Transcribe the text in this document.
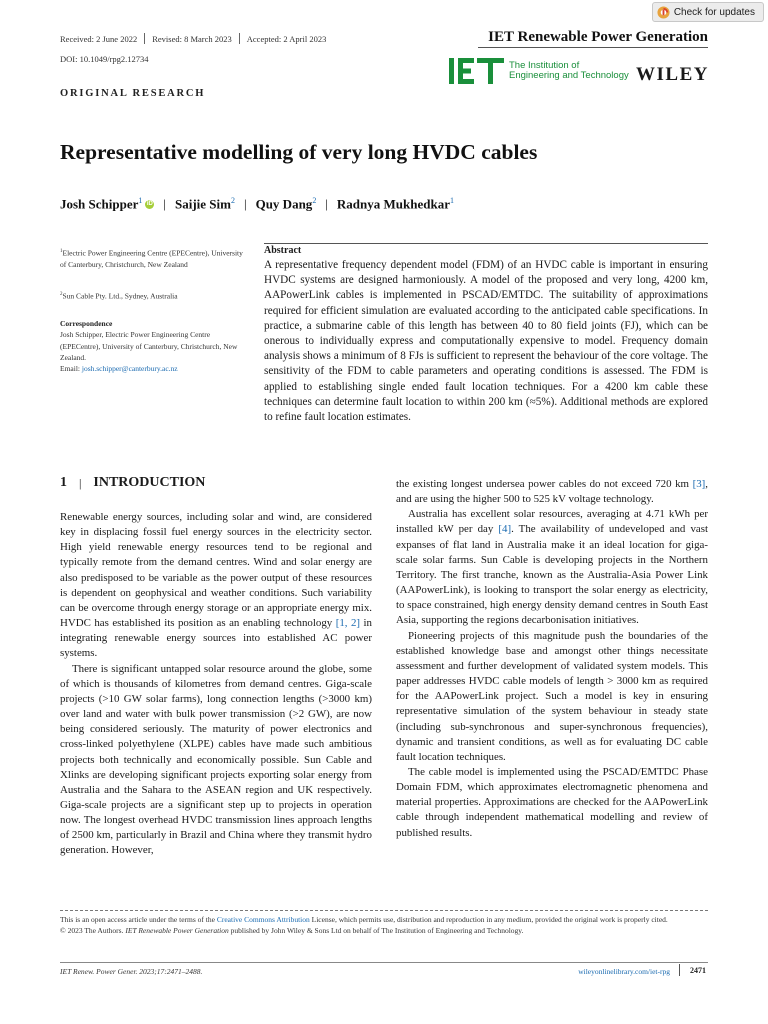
Check for updates
Received: 2 June 2022 Revised: 8 March 2023 Accepted: 2 April 2023	IET Renewable Power Generation
DOI: 10.1049/rpg2.12734
The Institution of
Engineering and Technology WILEY
ORIGINAL RESEARCH
Representative modelling of very long HVDC cables
Josh Schipper$^1$ iD | Saijie Sim$^2$ | Quy Dang$^2$ | Radnya Mukhedkar$^1$
$^1$Electric Power Engineering Centre (EPECentre), University of Canterbury, Christchurch, New Zealand
$^2$Sun Cable Pty. Ltd., Sydney, Australia
Correspondence
Josh Schipper, Electric Power Engineering Centre (EPECentre), University of Canterbury, Christchurch, New Zealand.
Email: josh.schipper@canterbury.ac.nz
Abstract
A representative frequency dependent model (FDM) of an HVDC cable is important in ensuring HVDC systems are designed harmoniously. A model of the proposed and very long, 4200 km, AAPowerLink cables is implemented in PSCAD/EMTDC. The suitability of approximations required for efficient simulation are evaluated according to the anticipated cable specifications. In practice, a submarine cable of this length has between 40 to 80 field joints (FJ), which can be onerous to individually express and computationally expensive to model. Frequency domain analysis shows a minimum of 8 FJs is sufficient to represent the behaviour of the core voltage. The sensitivity of the FDM to cable parameters and operating conditions is assessed. The FDM is applied to establishing single ended fault location techniques. For a 4200 km cable these techniques can determine fault location to within 200 km (≈5%). Additional methods are explored to refine fault location estimates.
1 | INTRODUCTION

Renewable energy sources, including solar and wind, are considered key in displacing fossil fuel energy sources in the electricity sector. High yield renewable energy resources tend to be regional and typically remote from the demand centres. Wind and solar energy are also predisposed to be variable as the power output of these resources is dependent on geophysical and weather conditions. Such variability can be overcome through energy storage or an appropriate energy mix. HVDC has established its position as an enabling technology [1, 2] in integrating renewable energy sources into established AC power systems.

There is significant untapped solar resource around the globe, some of which is thousands of kilometres from demand centres. Giga-scale projects (>10 GW solar farms), long connection lengths (>3000 km) over land and water with bulk power transmission (>2 GW), are now being considered seriously. The maturity of power electronics and cross-linked polyethylene (XLPE) cables have made such ambitious projects both technically and economically possible. Sun Cable and Xlinks are developing significant projects exporting solar energy from Australia and the Sahara to the ASEAN region and UK respectively. Giga-scale projects are a significant step up to projects in operation now. The longest overhead HVDC transmission lines approach lengths of 2500 km, particularly in Brazil and China where they transmit hydro generation. However,

the existing longest undersea power cables do not exceed 720 km [3], and are using the higher 500 to 525 kV voltage technology.

Australia has excellent solar resources, averaging at 4.71 kWh per installed kW per day [4]. The availability of undeveloped and vast expanses of flat land in Australia make it an ideal location for giga-scale solar farms. Sun Cable is developing projects in the Northern Territory. The first tranche, known as the Australia-Asia Power Link (AAPowerLink), is looking to transport the solar energy as electricity, to space constrained, high energy density demand centres in South East Asia, supporting the regions decarbonisation initiatives.

Pioneering projects of this magnitude push the boundaries of the established knowledge base and amongst other things necessitate assessment and further development of validated system models. This paper addresses HVDC cable models of length > 3000 km as required for the AAPowerLink project. Such a model is key in ensuring representative simulation of the system behaviour in steady state (including sub-synchronous and super-synchronous frequencies), dynamic and transient conditions, as well as for evaluating DC cable fault location techniques.

The cable model is implemented using the PSCAD/EMTDC Phase Domain FDM, which approximates electromagnetic phenomena and material properties. Approximations are checked for the AAPowerLink cable through independent mathematical modelling and review of published results.

This is an open access article under the terms of the Creative Commons Attribution License, which permits use, distribution and reproduction in any medium, provided the original work is properly cited.
© 2023 The Authors. IET Renewable Power Generation published by John Wiley & Sons Ltd on behalf of The Institution of Engineering and Technology.
IET Renew. Power Gener. 2023;17:2471–2488.	wileyonlinelibrary.com/iet-rpg	2471
